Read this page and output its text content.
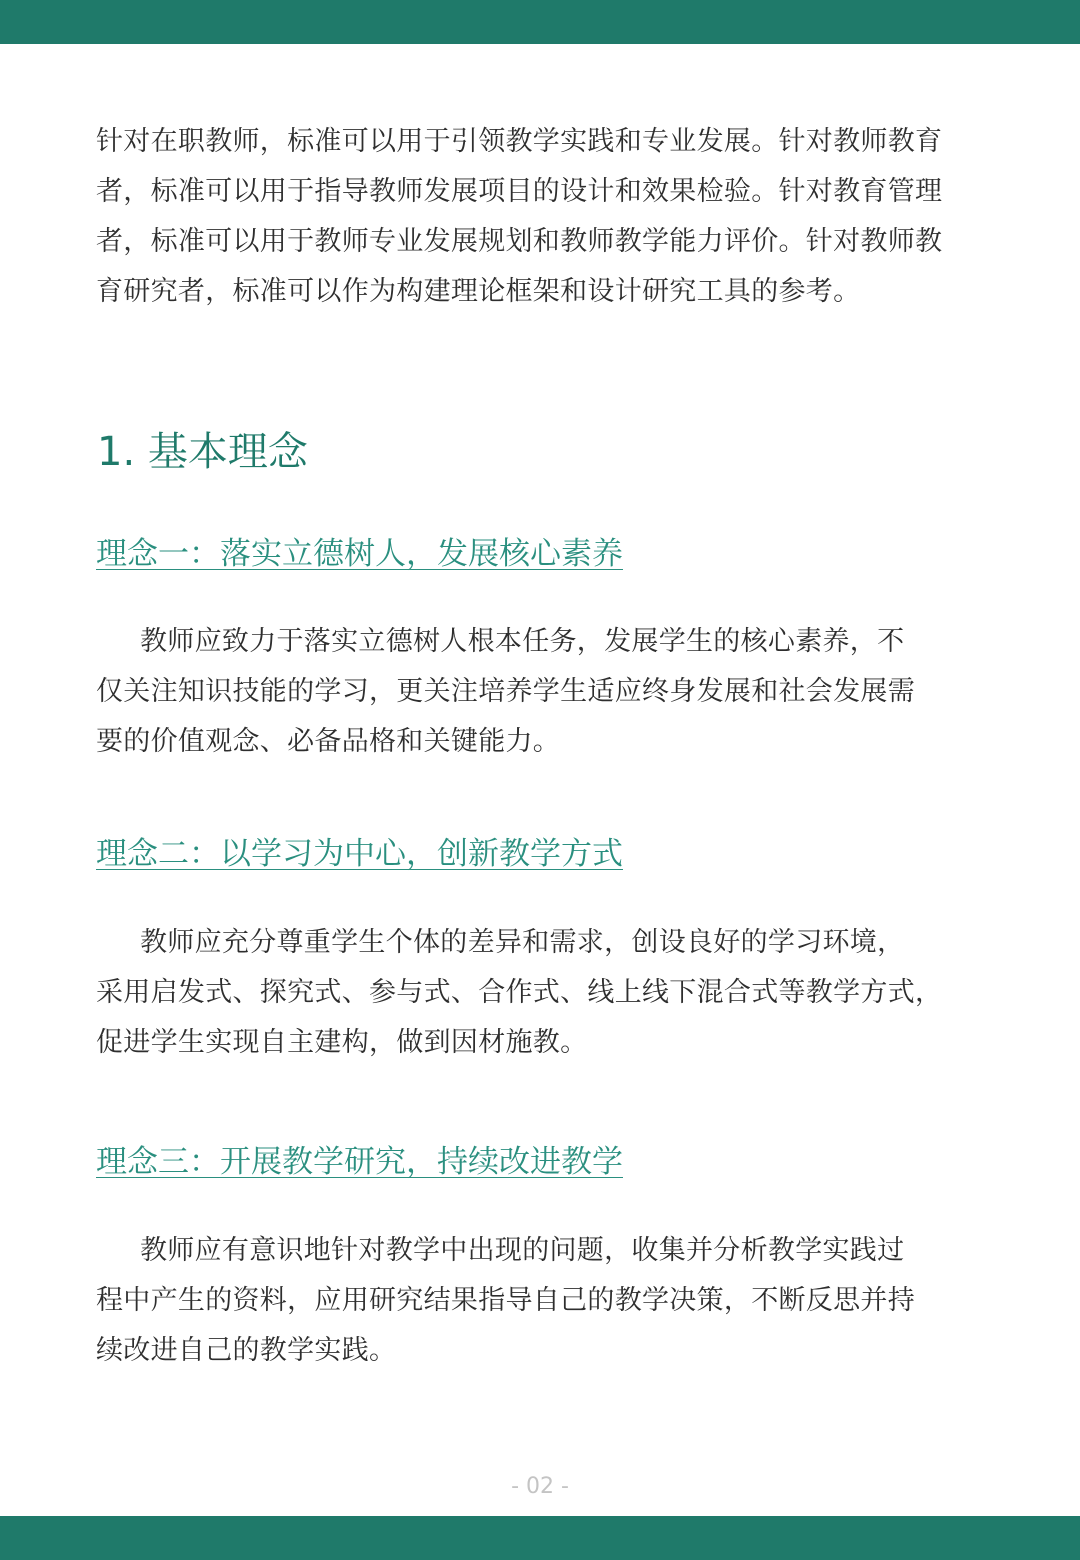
针对在职教师，标准可以用于引领教学实践和专业发展。针对教师教育
者，标准可以用于指导教师发展项目的设计和效果检验。针对教育管理
者，标准可以用于教师专业发展规划和教师教学能力评价。针对教师教
育研究者，标准可以作为构建理论框架和设计研究工具的参考。
1. 基本理念
理念一：落实立德树人，发展核心素养
教师应致力于落实立德树人根本任务，发展学生的核心素养，不
仅关注知识技能的学习，更关注培养学生适应终身发展和社会发展需
要的价值观念、必备品格和关键能力。
理念二：以学习为中心，创新教学方式
教师应充分尊重学生个体的差异和需求，创设良好的学习环境，
采用启发式、探究式、参与式、合作式、线上线下混合式等教学方式，
促进学生实现自主建构，做到因材施教。
理念三：开展教学研究，持续改进教学
教师应有意识地针对教学中出现的问题，收集并分析教学实践过
程中产生的资料，应用研究结果指导自己的教学决策，不断反思并持
续改进自己的教学实践。
- 02 -
